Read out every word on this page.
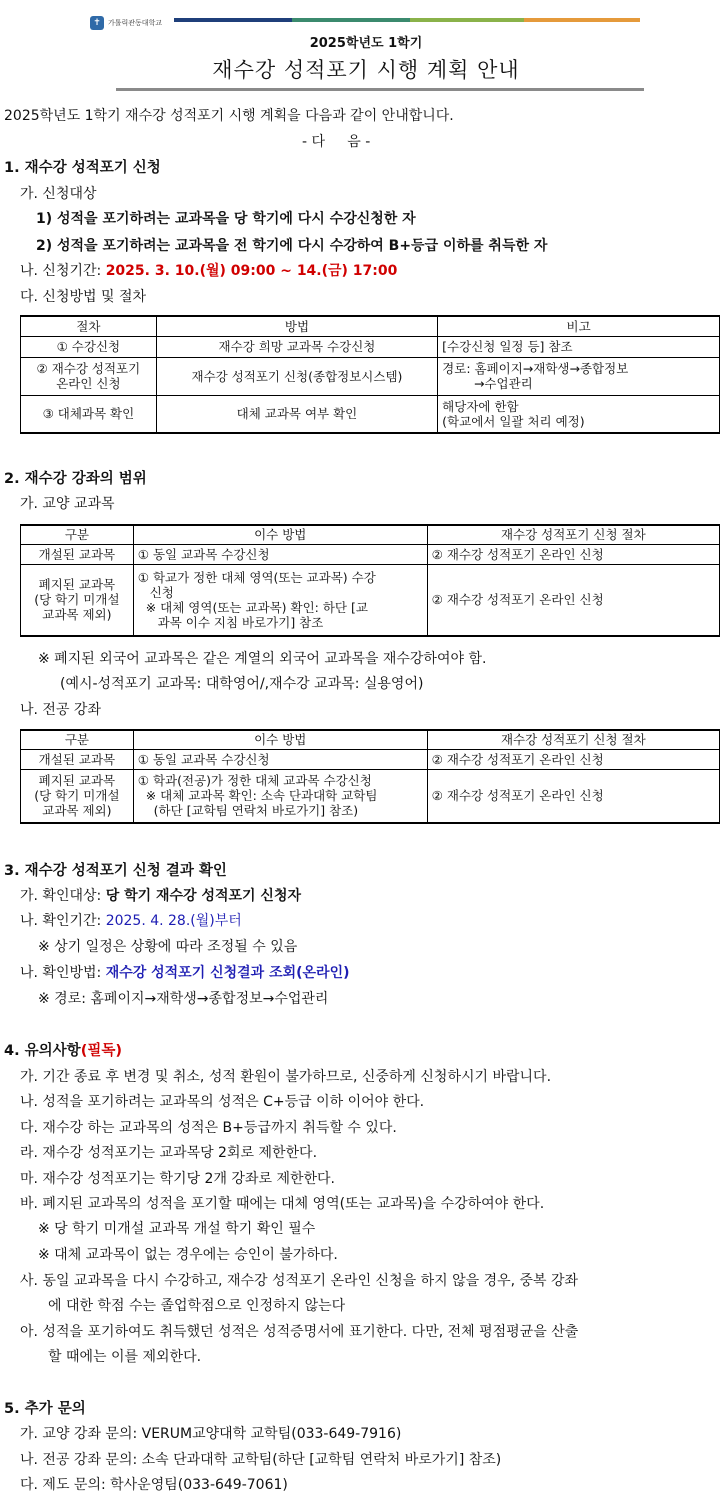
✝	가톨릭관동대학교
2025학년도 1학기
재수강 성적포기 시행 계획 안내
2025학년도 1학기 재수강 성적포기 시행 계획을 다음과 같이 안내합니다.
- 다     음 -
1. 재수강 성적포기 신청
가. 신청대상
1) 성적을 포기하려는 교과목을 당 학기에 다시 수강신청한 자
2) 성적을 포기하려는 교과목을 전 학기에 다시 수강하여 B+등급 이하를 취득한 자
나. 신청기간: 2025. 3. 10.(월) 09:00 ~ 14.(금) 17:00
다. 신청방법 및 절차
절차	방법	비고
① 수강신청	재수강 희망 교과목 수강신청	[수강신청 일정 등] 참조
② 재수강 성적포기
온라인 신청	재수강 성적포기 신청(종합정보시스템)	경로: 홈페이지→재학생→종합정보
→수업관리
③ 대체과목 확인	대체 교과목 여부 확인	해당자에 한함
(학교에서 일괄 처리 예정)
2. 재수강 강좌의 범위
가. 교양 교과목
구분	이수 방법	재수강 성적포기 신청 절차
개설된 교과목	① 동일 교과목 수강신청	② 재수강 성적포기 온라인 신청
폐지된 교과목
(당 학기 미개설
교과목 제외)	① 학교가 정한 대체 영역(또는 교과목) 수강
신청
※ 대체 영역(또는 교과목) 확인: 하단 [교
과목 이수 지침 바로가기] 참조	② 재수강 성적포기 온라인 신청
※ 폐지된 외국어 교과목은 같은 계열의 외국어 교과목을 재수강하여야 함.
(예시-성적포기 교과목: 대학영어/,재수강 교과목: 실용영어)
나. 전공 강좌
구분	이수 방법	재수강 성적포기 신청 절차
개설된 교과목	① 동일 교과목 수강신청	② 재수강 성적포기 온라인 신청
폐지된 교과목
(당 학기 미개설
교과목 제외)	① 학과(전공)가 정한 대체 교과목 수강신청
※ 대체 교과목 확인: 소속 단과대학 교학팀
(하단 [교학팀 연락처 바로가기] 참조)	② 재수강 성적포기 온라인 신청
3. 재수강 성적포기 신청 결과 확인
가. 확인대상: 당 학기 재수강 성적포기 신청자
나. 확인기간: 2025. 4. 28.(월)부터
※ 상기 일정은 상황에 따라 조정될 수 있음
나. 확인방법: 재수강 성적포기 신청결과 조회(온라인)
※ 경로: 홈페이지→재학생→종합정보→수업관리
4. 유의사항(필독)
가. 기간 종료 후 변경 및 취소, 성적 환원이 불가하므로, 신중하게 신청하시기 바랍니다.
나. 성적을 포기하려는 교과목의 성적은 C+등급 이하 이어야 한다.
다. 재수강 하는 교과목의 성적은 B+등급까지 취득할 수 있다.
라. 재수강 성적포기는 교과목당 2회로 제한한다.
마. 재수강 성적포기는 학기당 2개 강좌로 제한한다.
바. 폐지된 교과목의 성적을 포기할 때에는 대체 영역(또는 교과목)을 수강하여야 한다.
※ 당 학기 미개설 교과목 개설 학기 확인 필수
※ 대체 교과목이 없는 경우에는 승인이 불가하다.
사. 동일 교과목을 다시 수강하고, 재수강 성적포기 온라인 신청을 하지 않을 경우, 중복 강좌
에 대한 학점 수는 졸업학점으로 인정하지 않는다
아. 성적을 포기하여도 취득했던 성적은 성적증명서에 표기한다. 다만, 전체 평점평균을 산출
할 때에는 이를 제외한다.
5. 추가 문의
가. 교양 강좌 문의: VERUM교양대학 교학팀(033-649-7916)
나. 전공 강좌 문의: 소속 단과대학 교학팀(하단 [교학팀 연락처 바로가기] 참조)
다. 제도 문의: 학사운영팀(033-649-7061)
